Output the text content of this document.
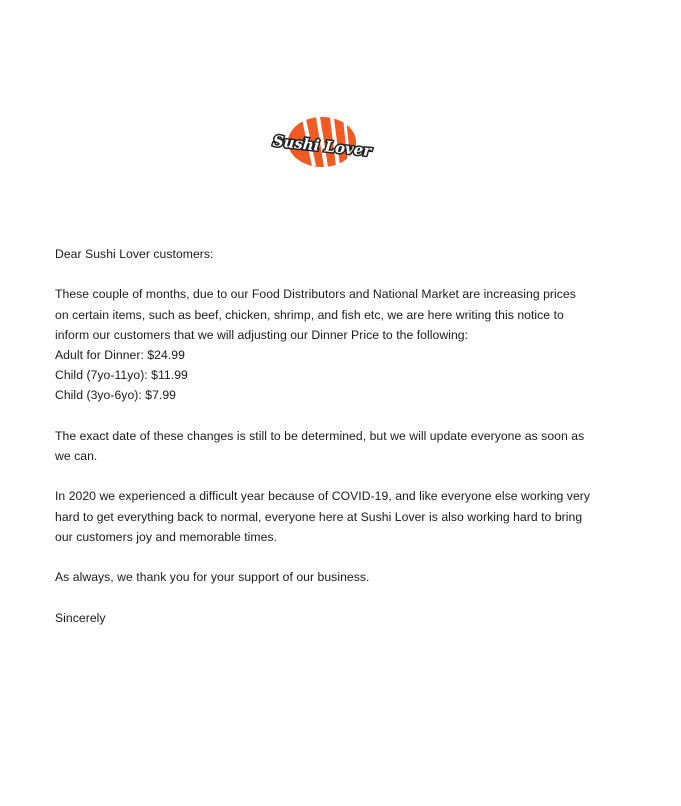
Sushi Lover

Dear Sushi Lover customers:

These couple of months, due to our Food Distributors and National Market are increasing prices

on certain items, such as beef, chicken, shrimp, and fish etc, we are here writing this notice to

inform our customers that we will adjusting our Dinner Price to the following:

Adult for Dinner: $24.99

Child (7yo-11yo): $11.99

Child (3yo-6yo): $7.99

The exact date of these changes is still to be determined, but we will update everyone as soon as

we can.

In 2020 we experienced a difficult year because of COVID-19, and like everyone else working very

hard to get everything back to normal, everyone here at Sushi Lover is also working hard to bring

our customers joy and memorable times.

As always, we thank you for your support of our business.

Sincerely
